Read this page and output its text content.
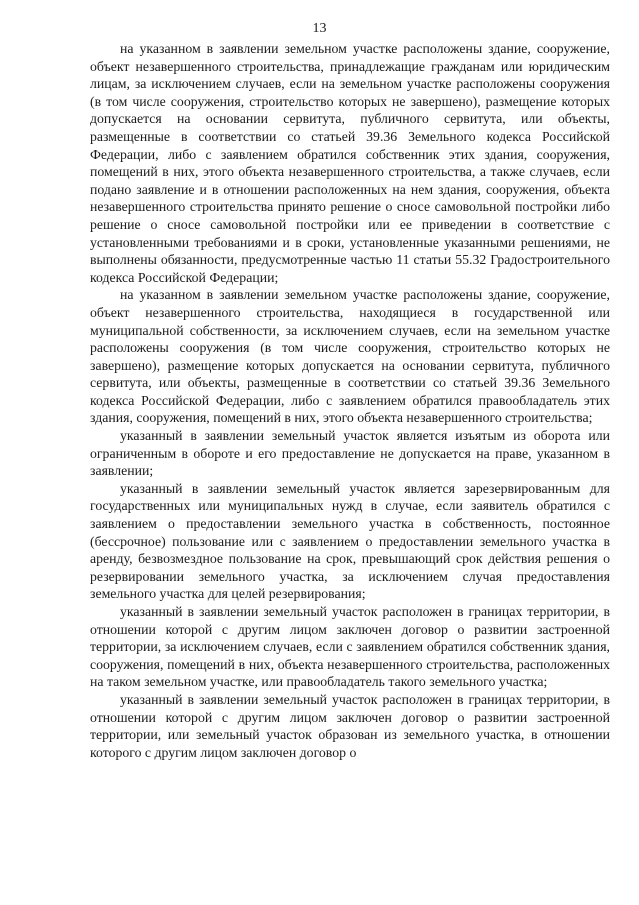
13

на указанном в заявлении земельном участке расположены здание, сооружение, объект незавершенного строительства, принадлежащие гражданам или юридическим лицам, за исключением случаев, если на земельном участке расположены сооружения (в том числе сооружения, строительство которых не завершено), размещение которых допускается на основании сервитута, публичного сервитута, или объекты, размещенные в соответствии со статьей 39.36 Земельного кодекса Российской Федерации, либо с заявлением обратился собственник этих здания, сооружения, помещений в них, этого объекта незавершенного строительства, а также случаев, если подано заявление и в отношении расположенных на нем здания, сооружения, объекта незавершенного строительства принято решение о сносе самовольной постройки либо решение о сносе самовольной постройки или ее приведении в соответствие с установленными требованиями и в сроки, установленные указанными решениями, не выполнены обязанности, предусмотренные частью 11 статьи 55.32 Градостроительного кодекса Российской Федерации;

на указанном в заявлении земельном участке расположены здание, сооружение, объект незавершенного строительства, находящиеся в государственной или муниципальной собственности, за исключением случаев, если на земельном участке расположены сооружения (в том числе сооружения, строительство которых не завершено), размещение которых допускается на основании сервитута, публичного сервитута, или объекты, размещенные в соответствии со статьей 39.36 Земельного кодекса Российской Федерации, либо с заявлением обратился правообладатель этих здания, сооружения, помещений в них, этого объекта незавершенного строительства;

указанный в заявлении земельный участок является изъятым из оборота или ограниченным в обороте и его предоставление не допускается на праве, указанном в заявлении;

указанный в заявлении земельный участок является зарезервированным для государственных или муниципальных нужд в случае, если заявитель обратился с заявлением о предоставлении земельного участка в собственность, постоянное (бессрочное) пользование или с заявлением о предоставлении земельного участка в аренду, безвозмездное пользование на срок, превышающий срок действия решения о резервировании земельного участка, за исключением случая предоставления земельного участка для целей резервирования;

указанный в заявлении земельный участок расположен в границах территории, в отношении которой с другим лицом заключен договор о развитии застроенной территории, за исключением случаев, если с заявлением обратился собственник здания, сооружения, помещений в них, объекта незавершенного строительства, расположенных на таком земельном участке, или правообладатель такого земельного участка;

указанный в заявлении земельный участок расположен в границах территории, в отношении которой с другим лицом заключен договор о развитии застроенной территории, или земельный участок образован из земельного участка, в отношении которого с другим лицом заключен договор о
